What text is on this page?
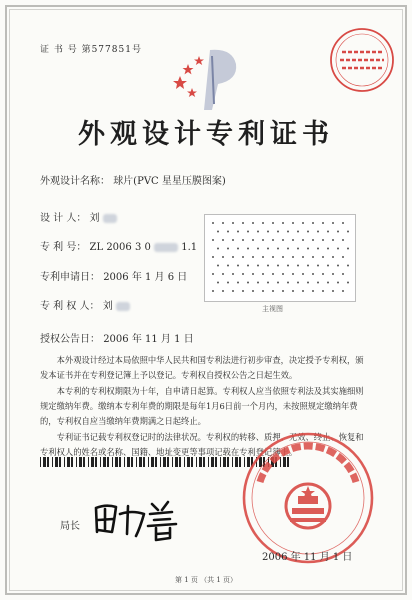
证 书 号 第577851号
外观设计专利证书
外观设计名称： 球片(PVC 星星压膜图案)
设 计 人： 刘
专 利 号： ZL 2006 3 0	1.1
专利申请日： 2006 年 1 月 6 日
专 利 权 人： 刘
授权公告日： 2006 年 11 月 1 日
主视图

本外观设计经过本局依照中华人民共和国专利法进行初步审查，决定授予专利权，颁发本证书并在专利登记簿上予以登记。专利权自授权公告之日起生效。

本专利的专利权期限为十年，自申请日起算。专利权人应当依照专利法及其实施细则规定缴纳年费。缴纳本专利年费的期限是每年1月6日前一个月内，未按照规定缴纳年费的，专利权自应当缴纳年费期满之日起终止。

专利证书记载专利权登记时的法律状况。专利权的转移、质押、无效、终止、恢复和专利权人的姓名或名称、国籍、地址变更等事项记载在专利登记簿上。

局长
2006 年 11 月 1 日
第 1 页 （共 1 页）
